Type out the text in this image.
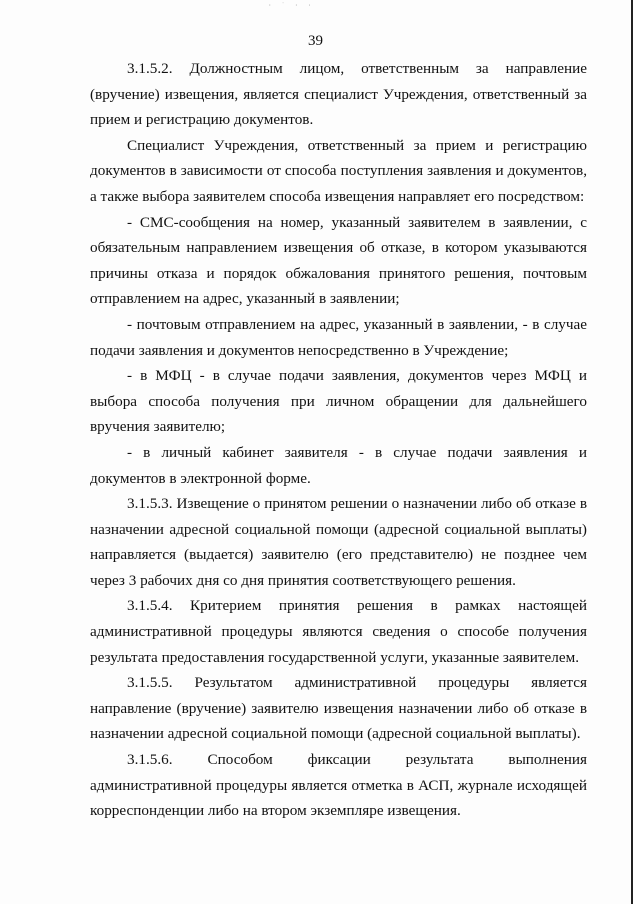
· ˙ · ·
39

3.1.5.2. Должностным лицом, ответственным за направление (вручение) извещения, является специалист Учреждения, ответственный за прием и регистрацию документов.

Специалист Учреждения, ответственный за прием и регистрацию документов в зависимости от способа поступления заявления и документов, а также выбора заявителем способа извещения направляет его посредством:

- СМС-сообщения на номер, указанный заявителем в заявлении, с обязательным направлением извещения об отказе, в котором указываются причины отказа и порядок обжалования принятого решения, почтовым отправлением на адрес, указанный в заявлении;

- почтовым отправлением на адрес, указанный в заявлении, - в случае подачи заявления и документов непосредственно в Учреждение;

- в МФЦ - в случае подачи заявления, документов через МФЦ и выбора способа получения при личном обращении для дальнейшего вручения заявителю;

- в личный кабинет заявителя - в случае подачи заявления и документов в электронной форме.

3.1.5.3. Извещение о принятом решении о назначении либо об отказе в назначении адресной социальной помощи (адресной социальной выплаты) направляется (выдается) заявителю (его представителю) не позднее чем через 3 рабочих дня со дня принятия соответствующего решения.

3.1.5.4. Критерием принятия решения в рамках настоящей административной процедуры являются сведения о способе получения результата предоставления государственной услуги, указанные заявителем.

3.1.5.5. Результатом административной процедуры является направление (вручение) заявителю извещения назначении либо об отказе в назначении адресной социальной помощи (адресной социальной выплаты).

3.1.5.6. Способом фиксации результата выполнения административной процедуры является отметка в АСП, журнале исходящей корреспонденции либо на втором экземпляре извещения.
